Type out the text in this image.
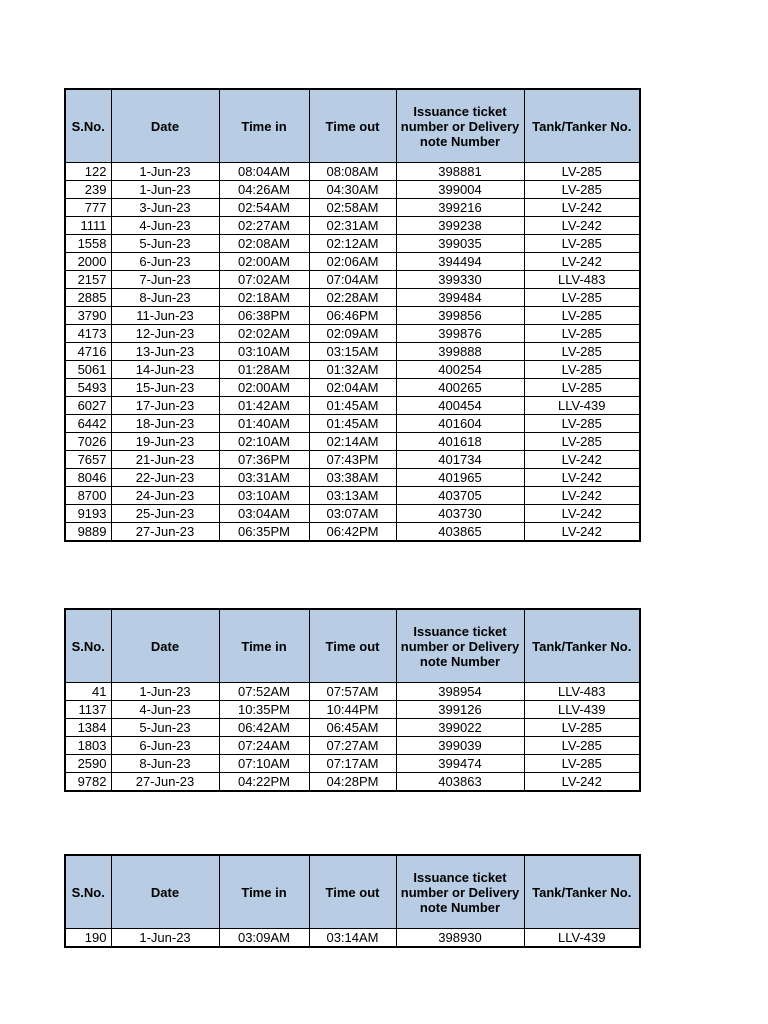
S.No.	Date	Time in	Time out	Issuance ticket number or Delivery note Number	Tank/Tanker No.
122	1-Jun-23	08:04AM	08:08AM	398881	LV-285
239	1-Jun-23	04:26AM	04:30AM	399004	LV-285
777	3-Jun-23	02:54AM	02:58AM	399216	LV-242
1111	4-Jun-23	02:27AM	02:31AM	399238	LV-242
1558	5-Jun-23	02:08AM	02:12AM	399035	LV-285
2000	6-Jun-23	02:00AM	02:06AM	394494	LV-242
2157	7-Jun-23	07:02AM	07:04AM	399330	LLV-483
2885	8-Jun-23	02:18AM	02:28AM	399484	LV-285
3790	11-Jun-23	06:38PM	06:46PM	399856	LV-285
4173	12-Jun-23	02:02AM	02:09AM	399876	LV-285
4716	13-Jun-23	03:10AM	03:15AM	399888	LV-285
5061	14-Jun-23	01:28AM	01:32AM	400254	LV-285
5493	15-Jun-23	02:00AM	02:04AM	400265	LV-285
6027	17-Jun-23	01:42AM	01:45AM	400454	LLV-439
6442	18-Jun-23	01:40AM	01:45AM	401604	LV-285
7026	19-Jun-23	02:10AM	02:14AM	401618	LV-285
7657	21-Jun-23	07:36PM	07:43PM	401734	LV-242
8046	22-Jun-23	03:31AM	03:38AM	401965	LV-242
8700	24-Jun-23	03:10AM	03:13AM	403705	LV-242
9193	25-Jun-23	03:04AM	03:07AM	403730	LV-242
9889	27-Jun-23	06:35PM	06:42PM	403865	LV-242
S.No.	Date	Time in	Time out	Issuance ticket number or Delivery note Number	Tank/Tanker No.
41	1-Jun-23	07:52AM	07:57AM	398954	LLV-483
1137	4-Jun-23	10:35PM	10:44PM	399126	LLV-439
1384	5-Jun-23	06:42AM	06:45AM	399022	LV-285
1803	6-Jun-23	07:24AM	07:27AM	399039	LV-285
2590	8-Jun-23	07:10AM	07:17AM	399474	LV-285
9782	27-Jun-23	04:22PM	04:28PM	403863	LV-242
S.No.	Date	Time in	Time out	Issuance ticket number or Delivery note Number	Tank/Tanker No.
190	1-Jun-23	03:09AM	03:14AM	398930	LLV-439
